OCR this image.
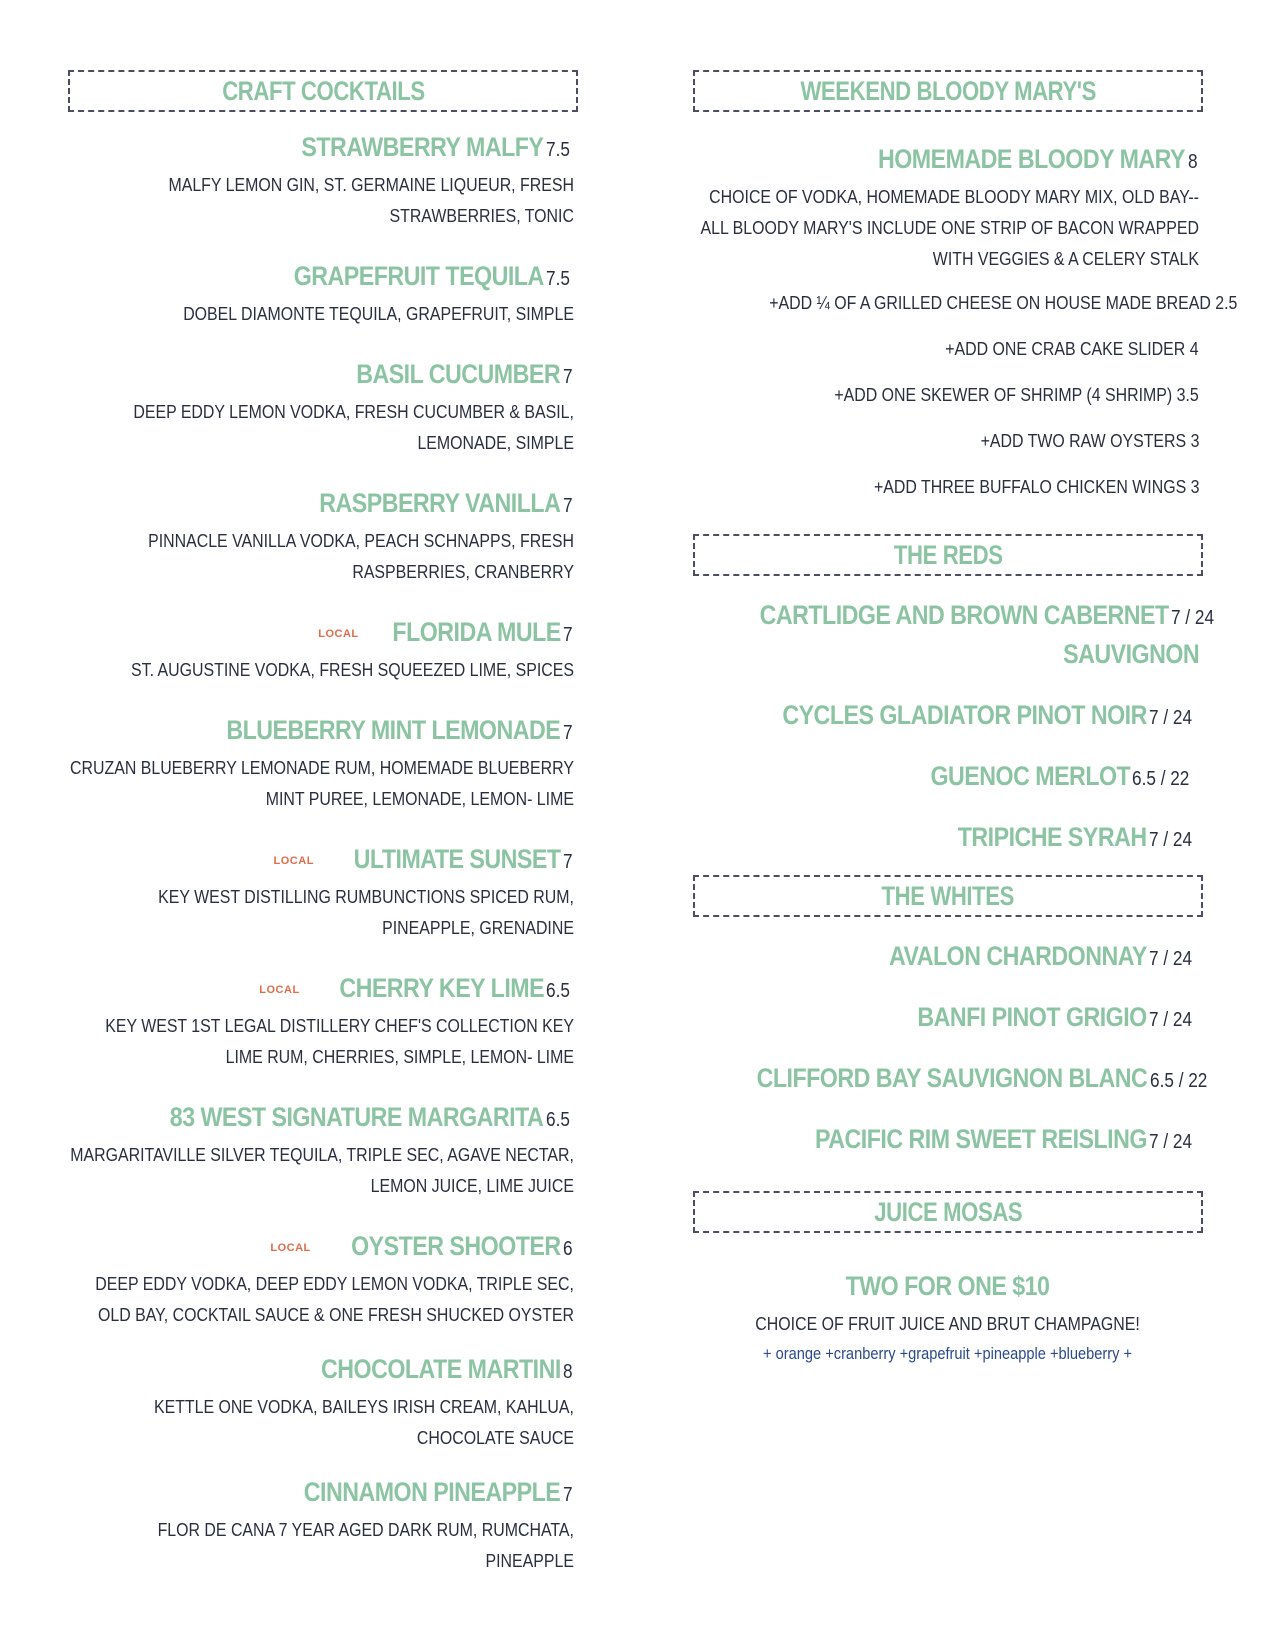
CRAFT COCKTAILS
STRAWBERRY MALFY 7.5
MALFY LEMON GIN, ST. GERMAINE LIQUEUR, FRESH STRAWBERRIES, TONIC
GRAPEFRUIT TEQUILA 7.5
DOBEL DIAMONTE TEQUILA, GRAPEFRUIT, SIMPLE
BASIL CUCUMBER 7
DEEP EDDY LEMON VODKA, FRESH CUCUMBER & BASIL, LEMONADE, SIMPLE
RASPBERRY VANILLA 7
PINNACLE VANILLA VODKA, PEACH SCHNAPPS, FRESH RASPBERRIES, CRANBERRY
$^{LOCAL}$ FLORIDA MULE 7
ST. AUGUSTINE VODKA, FRESH SQUEEZED LIME, SPICES
BLUEBERRY MINT LEMONADE 7
CRUZAN BLUEBERRY LEMONADE RUM, HOMEMADE BLUEBERRY MINT PUREE, LEMONADE, LEMON- LIME
$^{LOCAL}$ ULTIMATE SUNSET 7
KEY WEST DISTILLING RUMBUNCTIONS SPICED RUM, PINEAPPLE, GRENADINE
$^{LOCAL}$ CHERRY KEY LIME 6.5
KEY WEST 1ST LEGAL DISTILLERY CHEF'S COLLECTION KEY LIME RUM, CHERRIES, SIMPLE, LEMON- LIME
83 WEST SIGNATURE MARGARITA 6.5
MARGARITAVILLE SILVER TEQUILA, TRIPLE SEC, AGAVE NECTAR, LEMON JUICE, LIME JUICE
$^{LOCAL}$ OYSTER SHOOTER 6
DEEP EDDY VODKA, DEEP EDDY LEMON VODKA, TRIPLE SEC, OLD BAY, COCKTAIL SAUCE & ONE FRESH SHUCKED OYSTER
CHOCOLATE MARTINI 8
KETTLE ONE VODKA, BAILEYS IRISH CREAM, KAHLUA, CHOCOLATE SAUCE
CINNAMON PINEAPPLE 7
FLOR DE CANA 7 YEAR AGED DARK RUM, RUMCHATA, PINEAPPLE
WEEKEND BLOODY MARY'S
HOMEMADE BLOODY MARY 8
CHOICE OF VODKA, HOMEMADE BLOODY MARY MIX, OLD BAY-- ALL BLOODY MARY'S INCLUDE ONE STRIP OF BACON WRAPPED WITH VEGGIES & A CELERY STALK
+ADD ¼ OF A GRILLED CHEESE ON HOUSE MADE BREAD 2.5
+ADD ONE CRAB CAKE SLIDER 4
+ADD ONE SKEWER OF SHRIMP (4 SHRIMP) 3.5
+ADD TWO RAW OYSTERS 3
+ADD THREE BUFFALO CHICKEN WINGS 3
THE REDS
CARTLIDGE AND BROWN CABERNET 7 / 24
SAUVIGNON
CYCLES GLADIATOR PINOT NOIR 7 / 24
GUENOC MERLOT 6.5 / 22
TRIPICHE SYRAH 7 / 24
THE WHITES
AVALON CHARDONNAY 7 / 24
BANFI PINOT GRIGIO 7 / 24
CLIFFORD BAY SAUVIGNON BLANC 6.5 / 22
PACIFIC RIM SWEET REISLING 7 / 24
JUICE MOSAS
TWO FOR ONE $10
CHOICE OF FRUIT JUICE AND BRUT CHAMPAGNE!
+ orange +cranberry +grapefruit +pineapple +blueberry +
